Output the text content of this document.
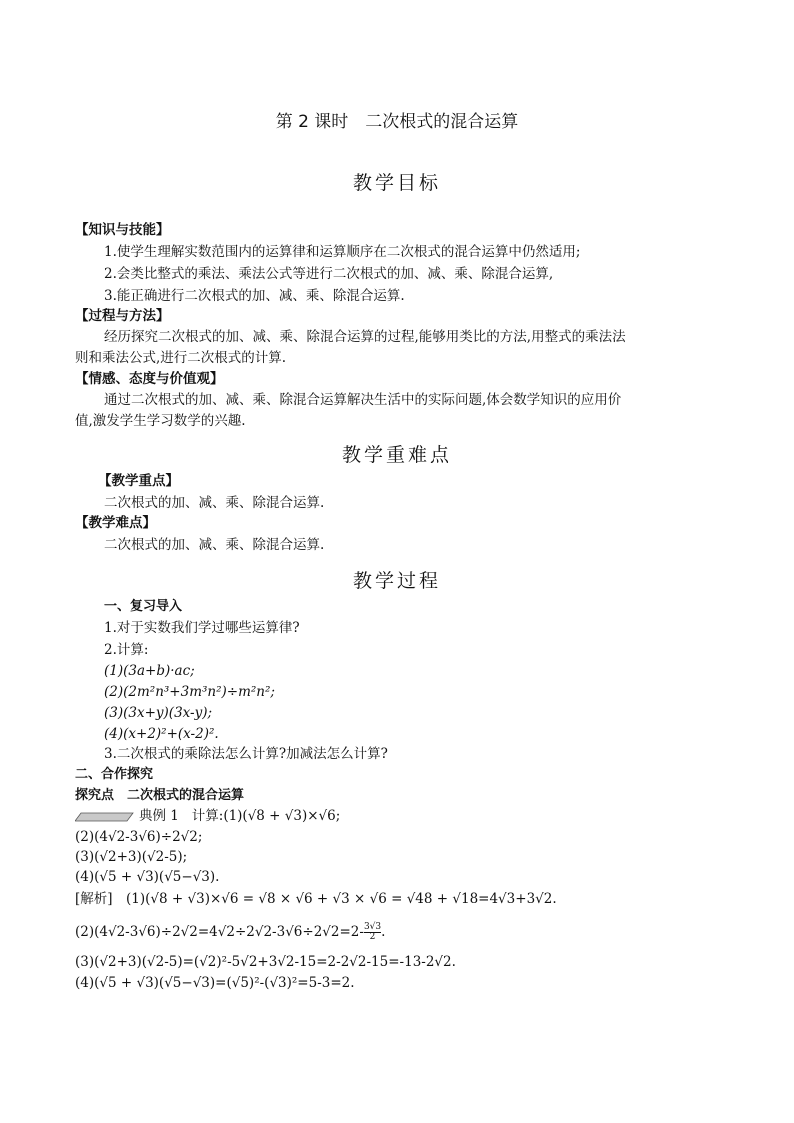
第 2 课时　二次根式的混合运算
教学目标
【知识与技能】
1.使学生理解实数范围内的运算律和运算顺序在二次根式的混合运算中仍然适用;
2.会类比整式的乘法、乘法公式等进行二次根式的加、减、乘、除混合运算,
3.能正确进行二次根式的加、减、乘、除混合运算.
【过程与方法】
经历探究二次根式的加、减、乘、除混合运算的过程,能够用类比的方法,用整式的乘法法
则和乘法公式,进行二次根式的计算.
【情感、态度与价值观】
通过二次根式的加、减、乘、除混合运算解决生活中的实际问题,体会数学知识的应用价
值,激发学生学习数学的兴趣.
教学重难点
【教学重点】
二次根式的加、减、乘、除混合运算.
【教学难点】
二次根式的加、减、乘、除混合运算.
教学过程
一、复习导入
1.对于实数我们学过哪些运算律?
2.计算:
(1)(3a+b)·ac;
(2)(2m²n³+3m³n²)÷m²n²;
(3)(3x+y)(3x-y);
(4)(x+2)²+(x-2)².
3.二次根式的乘除法怎么计算?加减法怎么计算?
二、合作探究
探究点　二次根式的混合运算
典例 1 计算:(1)(√8 + √3)×√6;
(2)(4√2-3√6)÷2√2;
(3)(√2+3)(√2-5);
(4)(√5 + √3)(√5−√3).
[解析]　(1)(√8 + √3)×√6 = √8 × √6 + √3 × √6 = √48 + √18=4√3+3√2.
$(2)(4√2-3√6)\div 2√2=4√2\div 2√2-3√6\div 2√2=2- \frac{3√3}{2}$ .
(3)(√2+3)(√2-5)=(√2)²-5√2+3√2-15=2-2√2-15=-13-2√2.
(4)(√5 + √3)(√5−√3)=(√5)²-(√3)²=5-3=2.
